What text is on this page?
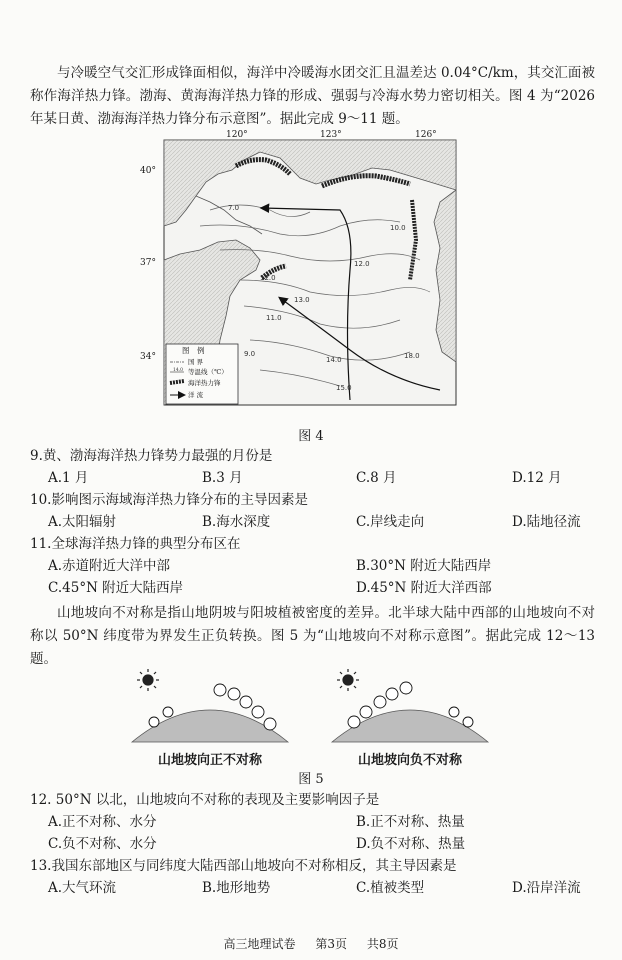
与冷暖空气交汇形成锋面相似，海洋中冷暖海水团交汇且温差达 0.04°C/km，其交汇面被称作海洋热力锋。渤海、黄海海洋热力锋的形成、强弱与冷海水势力密切相关。图 4 为“2026 年某日黄、渤海海洋热力锋分布示意图”。据此完成 9～11 题。
120°	123°	126°
40°
37°
34°
7.0
10.0
12.0
12.0
11.0
13.0
14.0
15.0
18.0
9.0
图　例
国 界
14.0 等温线（℃）
海洋热力锋
洋 流
图 4
9.黄、渤海海洋热力锋势力最强的月份是
A.1 月	B.3 月	C.8 月	D.12 月
10.影响图示海域海洋热力锋分布的主导因素是
A.太阳辐射	B.海水深度	C.岸线走向	D.陆地径流
11.全球海洋热力锋的典型分布区在
A.赤道附近大洋中部	B.30°N 附近大陆西岸
C.45°N 附近大陆西岸	D.45°N 附近大洋西部
山地坡向不对称是指山地阴坡与阳坡植被密度的差异。北半球大陆中西部的山地坡向不对称以 50°N 纬度带为界发生正负转换。图 5 为“山地坡向不对称示意图”。据此完成 12～13 题。
山地坡向正不对称	山地坡向负不对称
图 5
12. 50°N 以北，山地坡向不对称的表现及主要影响因子是
A.正不对称、水分	B.正不对称、热量
C.负不对称、水分	D.负不对称、热量
13.我国东部地区与同纬度大陆西部山地坡向不对称相反，其主导因素是
A.大气环流	B.地形地势	C.植被类型	D.沿岸洋流
高三地理试卷 第3页 共8页
